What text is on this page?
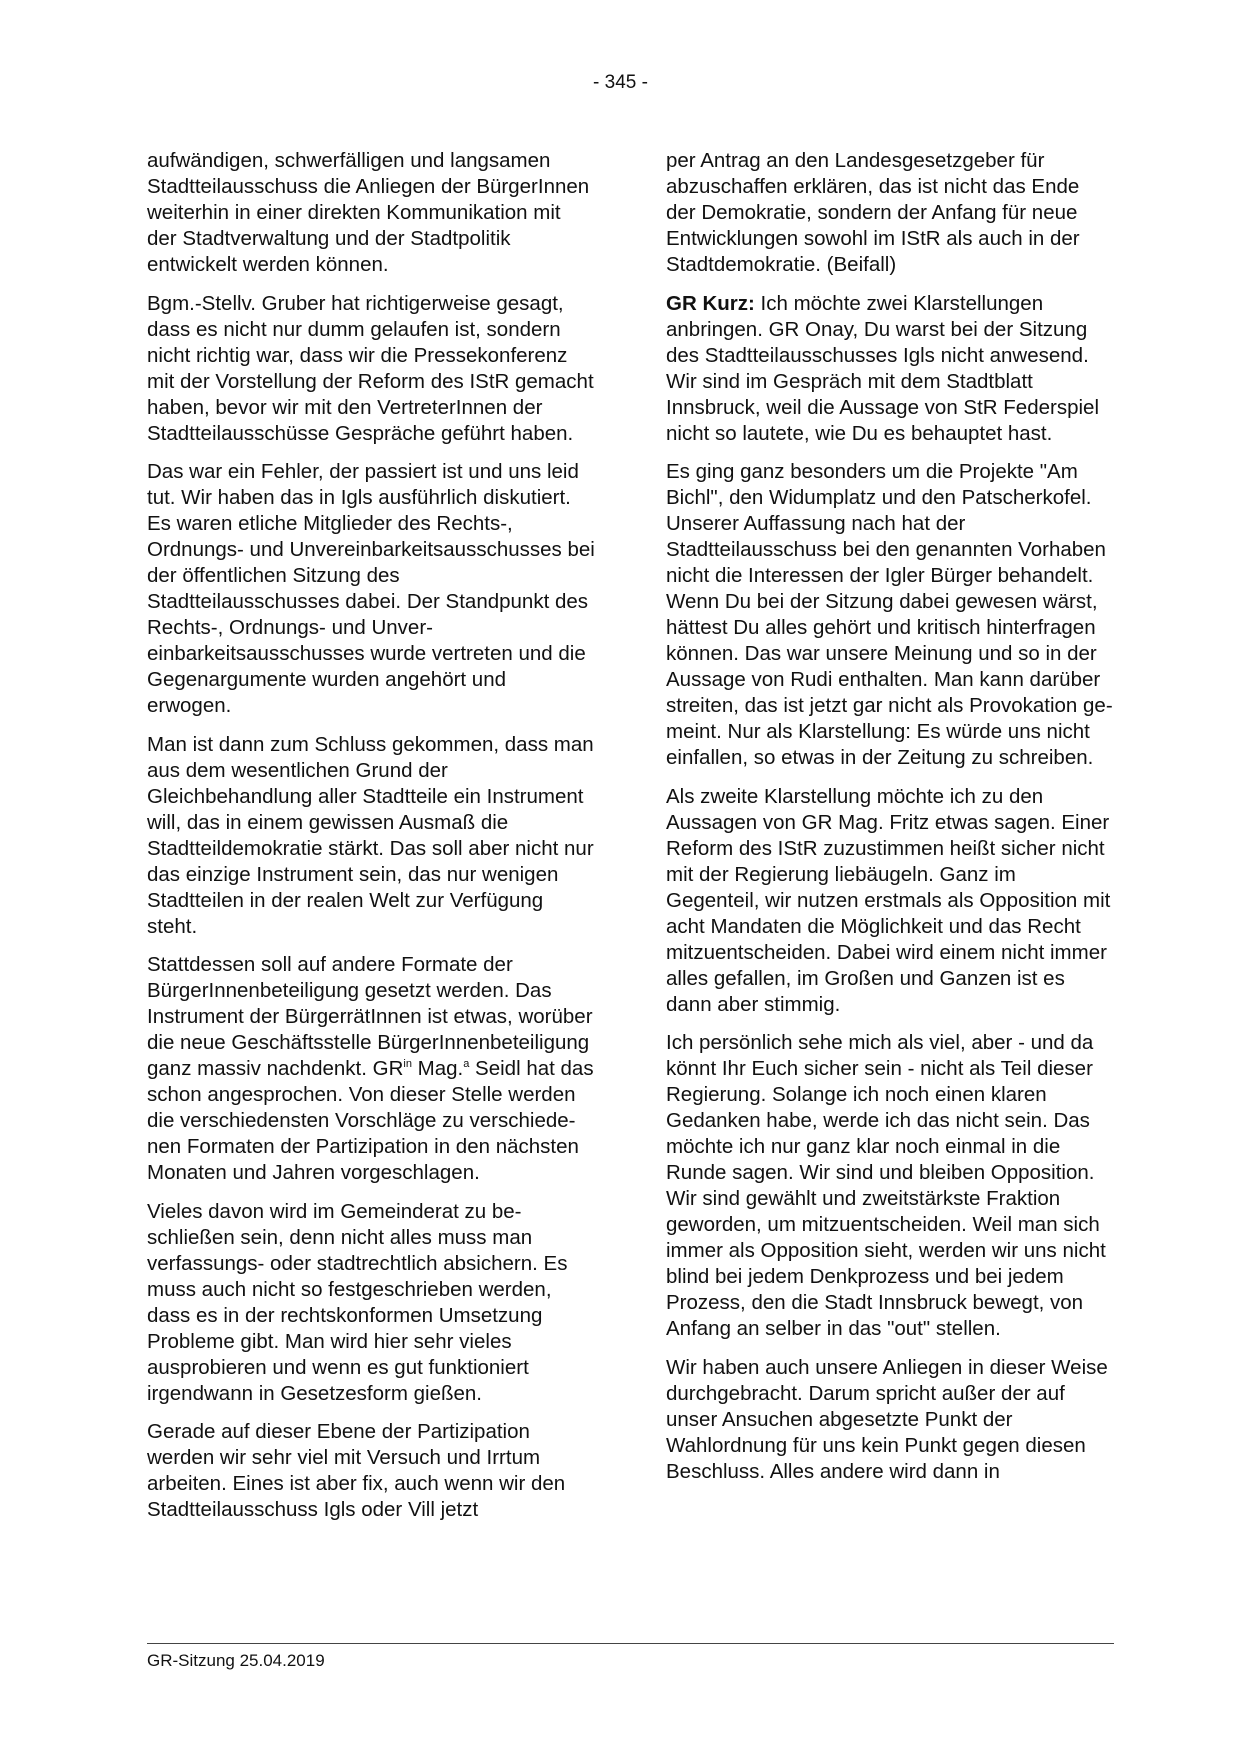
- 345 -

aufwändigen, schwerfälligen und langsamen Stadtteilausschuss die Anliegen der BürgerInnen weiterhin in einer direkten Kommunikation mit der Stadtverwaltung und der Stadtpolitik entwickelt werden können.

Bgm.-Stellv. Gruber hat richtigerweise gesagt, dass es nicht nur dumm gelaufen ist, sondern nicht richtig war, dass wir die Pressekonferenz mit der Vorstellung der Reform des IStR gemacht haben, bevor wir mit den VertreterInnen der Stadtteilausschüsse Gespräche geführt haben.

Das war ein Fehler, der passiert ist und uns leid tut. Wir haben das in Igls ausführlich diskutiert. Es waren etliche Mitglieder des Rechts-, Ordnungs- und Unvereinbarkeitsausschusses bei der öffentlichen Sitzung des Stadtteilausschusses dabei. Der Standpunkt des Rechts-, Ordnungs- und Unvereinbarkeitsausschusses wurde vertreten und die Gegenargumente wurden angehört und erwogen.

Man ist dann zum Schluss gekommen, dass man aus dem wesentlichen Grund der Gleichbehandlung aller Stadtteile ein Instrument will, das in einem gewissen Ausmaß die Stadtteildemokratie stärkt. Das soll aber nicht nur das einzige Instrument sein, das nur wenigen Stadtteilen in der realen Welt zur Verfügung steht.

Stattdessen soll auf andere Formate der BürgerInnenbeteiligung gesetzt werden. Das Instrument der BürgerrätInnen ist etwas, worüber die neue Geschäftsstelle BürgerInnenbeteiligung ganz massiv nachdenkt. $GR^{in}$ Mag.$^a$ Seidl hat das schon angesprochen. Von dieser Stelle werden die verschiedensten Vorschläge zu verschiedenen Formaten der Partizipation in den nächsten Monaten und Jahren vorgeschlagen.

Vieles davon wird im Gemeinderat zu beschließen sein, denn nicht alles muss man verfassungs- oder stadtrechtlich absichern. Es muss auch nicht so festgeschrieben werden, dass es in der rechtskonformen Umsetzung Probleme gibt. Man wird hier sehr vieles ausprobieren und wenn es gut funktioniert irgendwann in Gesetzesform gießen.

Gerade auf dieser Ebene der Partizipation werden wir sehr viel mit Versuch und Irrtum arbeiten. Eines ist aber fix, auch wenn wir den Stadtteilausschuss Igls oder Vill jetzt

per Antrag an den Landesgesetzgeber für abzuschaffen erklären, das ist nicht das Ende der Demokratie, sondern der Anfang für neue Entwicklungen sowohl im IStR als auch in der Stadtdemokratie. (Beifall)

GR Kurz: Ich möchte zwei Klarstellungen anbringen. GR Onay, Du warst bei der Sitzung des Stadtteilausschusses Igls nicht anwesend. Wir sind im Gespräch mit dem Stadtblatt Innsbruck, weil die Aussage von StR Federspiel nicht so lautete, wie Du es behauptet hast.

Es ging ganz besonders um die Projekte "Am Bichl", den Widumplatz und den Patscherkofel. Unserer Auffassung nach hat der Stadtteilausschuss bei den genannten Vorhaben nicht die Interessen der Igler Bürger behandelt. Wenn Du bei der Sitzung dabei gewesen wärst, hättest Du alles gehört und kritisch hinterfragen können. Das war unsere Meinung und so in der Aussage von Rudi enthalten. Man kann darüber streiten, das ist jetzt gar nicht als Provokation gemeint. Nur als Klarstellung: Es würde uns nicht einfallen, so etwas in der Zeitung zu schreiben.

Als zweite Klarstellung möchte ich zu den Aussagen von GR Mag. Fritz etwas sagen. Einer Reform des IStR zuzustimmen heißt sicher nicht mit der Regierung liebäugeln. Ganz im Gegenteil, wir nutzen erstmals als Opposition mit acht Mandaten die Möglichkeit und das Recht mitzuentscheiden. Dabei wird einem nicht immer alles gefallen, im Großen und Ganzen ist es dann aber stimmig.

Ich persönlich sehe mich als viel, aber - und da könnt Ihr Euch sicher sein - nicht als Teil dieser Regierung. Solange ich noch einen klaren Gedanken habe, werde ich das nicht sein. Das möchte ich nur ganz klar noch einmal in die Runde sagen. Wir sind und bleiben Opposition. Wir sind gewählt und zweitstärkste Fraktion geworden, um mitzuentscheiden. Weil man sich immer als Opposition sieht, werden wir uns nicht blind bei jedem Denkprozess und bei jedem Prozess, den die Stadt Innsbruck bewegt, von Anfang an selber in das "out" stellen.

Wir haben auch unsere Anliegen in dieser Weise durchgebracht. Darum spricht außer der auf unser Ansuchen abgesetzte Punkt der Wahlordnung für uns kein Punkt gegen diesen Beschluss. Alles andere wird dann in

GR-Sitzung 25.04.2019
